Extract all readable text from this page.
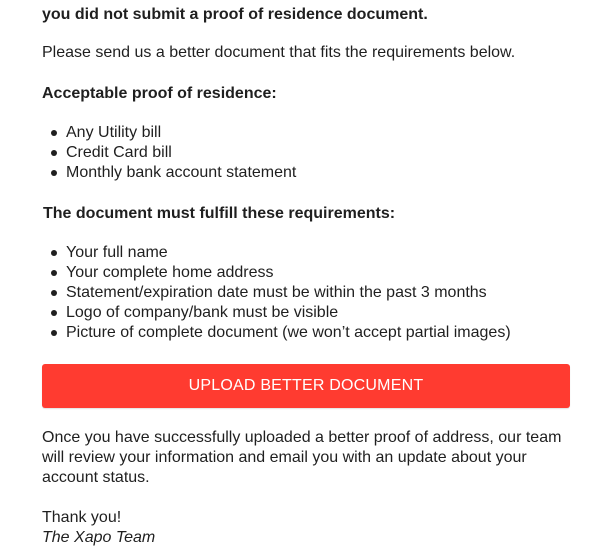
you did not submit a proof of residence document.

Please send us a better document that fits the requirements below.

Acceptable proof of residence:

Any Utility bill
Credit Card bill
Monthly bank account statement

The document must fulfill these requirements:

Your full name
Your complete home address
Statement/expiration date must be within the past 3 months
Logo of company/bank must be visible
Picture of complete document (we won’t accept partial images)
UPLOAD BETTER DOCUMENT

Once you have successfully uploaded a better proof of address, our team will review your information and email you with an update about your account status.

Thank you!

The Xapo Team
